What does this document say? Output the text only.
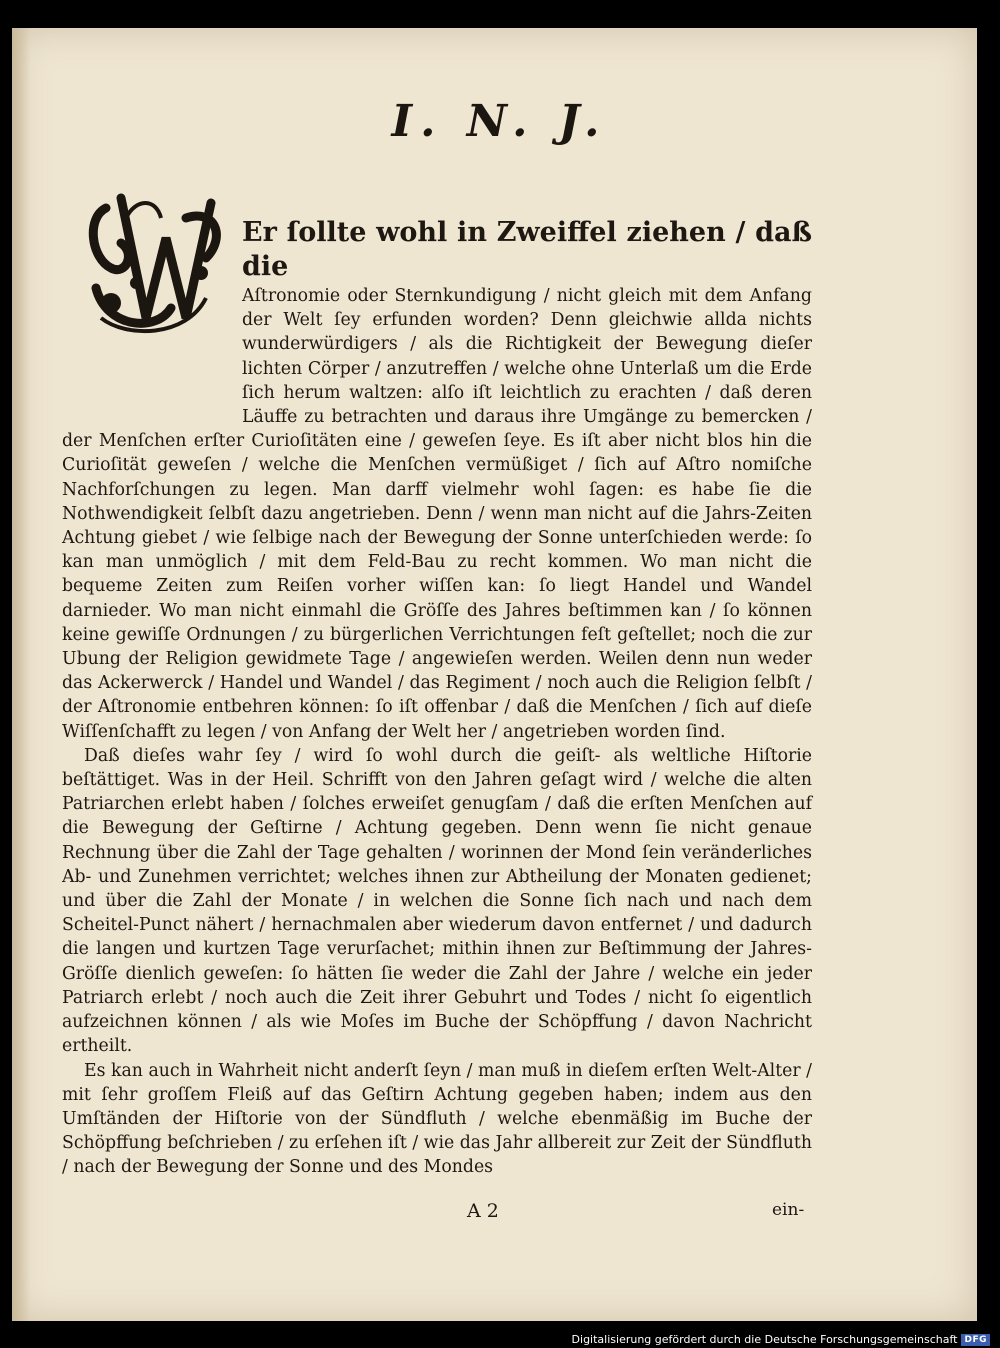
I. N. J.
Er ſollte wohl in Zweiffel ziehen / daß die

Aſtronomie oder Sternkundigung / nicht gleich mit dem Anfang der Welt ſey erfunden worden? Denn gleichwie allda nichts wunderwürdigers / als die Richtigkeit der Bewegung dieſer lichten Cörper / anzutreffen / welche ohne Unterlaß um die Erde ſich herum waltzen: alſo iſt leichtlich zu erachten / daß deren Läuffe zu betrachten und daraus ihre Umgänge zu bemercken / der Menſchen erſter Curioſitäten eine / geweſen ſeye. Es iſt aber nicht blos hin die Curioſität geweſen / welche die Menſchen vermüßiget / ſich auf Aſtro nomiſche Nachforſchungen zu legen. Man darff vielmehr wohl ſagen: es habe ſie die Nothwendigkeit ſelbſt dazu angetrieben. Denn / wenn man nicht auf die Jahrs-Zeiten Achtung giebet / wie ſelbige nach der Bewegung der Sonne unterſchieden werde: ſo kan man unmöglich / mit dem Feld-Bau zu recht kommen. Wo man nicht die bequeme Zeiten zum Reiſen vorher wiſſen kan: ſo liegt Handel und Wandel darnieder. Wo man nicht einmahl die Gröſſe des Jahres beſtimmen kan / ſo können keine gewiſſe Ordnungen / zu bürgerlichen Verrichtungen feſt geſtellet; noch die zur Ubung der Religion gewidmete Tage / angewieſen werden. Weilen denn nun weder das Ackerwerck / Handel und Wandel / das Regiment / noch auch die Religion ſelbſt / der Aſtronomie entbehren können: ſo iſt offenbar / daß die Menſchen / ſich auf dieſe Wiſſenſchafft zu legen / von Anfang der Welt her / angetrieben worden ſind.

Daß dieſes wahr ſey / wird ſo wohl durch die geiſt- als weltliche Hiſtorie beſtättiget. Was in der Heil. Schrifft von den Jahren geſagt wird / welche die alten Patriarchen erlebt haben / ſolches erweiſet genugſam / daß die erſten Menſchen auf die Bewegung der Geſtirne / Achtung gegeben. Denn wenn ſie nicht genaue Rechnung über die Zahl der Tage gehalten / worinnen der Mond ſein veränderliches Ab- und Zunehmen verrichtet; welches ihnen zur Abtheilung der Monaten gedienet; und über die Zahl der Monate / in welchen die Sonne ſich nach und nach dem Scheitel-Punct nähert / hernachmalen aber wiederum davon entfernet / und dadurch die langen und kurtzen Tage verurſachet; mithin ihnen zur Beſtimmung der Jahres-Gröſſe dienlich geweſen: ſo hätten ſie weder die Zahl der Jahre / welche ein jeder Patriarch erlebt / noch auch die Zeit ihrer Gebuhrt und Todes / nicht ſo eigentlich aufzeichnen können / als wie Moſes im Buche der Schöpffung / davon Nachricht ertheilt.

Es kan auch in Wahrheit nicht anderſt ſeyn / man muß in dieſem erſten Welt-Alter / mit ſehr groſſem Fleiß auf das Geſtirn Achtung gegeben haben; indem aus den Umſtänden der Hiſtorie von der Sündfluth / welche ebenmäßig im Buche der Schöpffung beſchrieben / zu erſehen iſt / wie das Jahr allbereit zur Zeit der Sündfluth / nach der Bewegung der Sonne und des Mondes

A 2	ein-
Digitalisierung gefördert durch die Deutsche Forschungsgemeinschaft DFG
